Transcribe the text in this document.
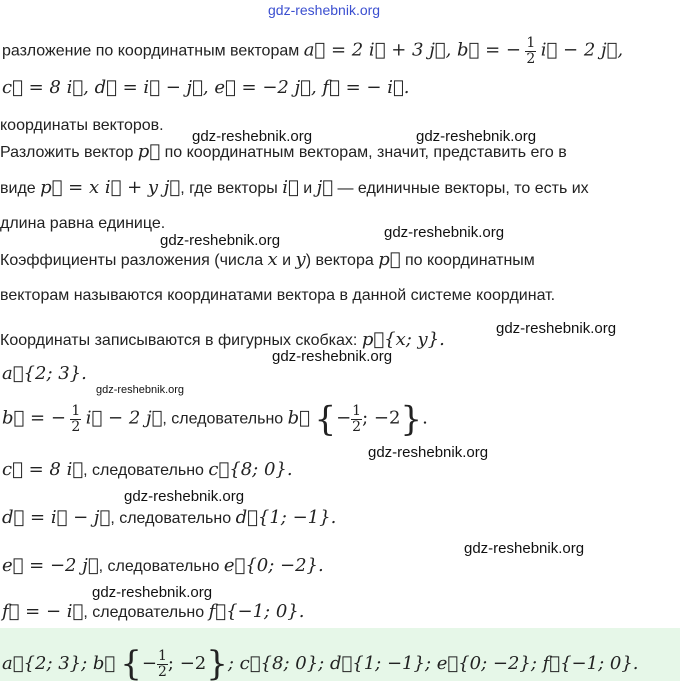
gdz-reshebnik.org
разложение по координатным векторам a⃗ = 2 i⃗ + 3 j⃗, b⃗ = − $\frac{1}{2}$ i⃗ − 2 j⃗,
c⃗ = 8 i⃗, d⃗ = i⃗ − j⃗, e⃗ = −2 j⃗, f⃗ = − i⃗.
координаты векторов.
gdz-reshebnik.org	gdz-reshebnik.org
Разложить вектор p⃗ по координатным векторам, значит, представить его в
виде p⃗ = x i⃗ + y j⃗, где векторы i⃗ и j⃗ — единичные векторы, то есть их
длина равна единице.
gdz-reshebnik.org	gdz-reshebnik.org
Коэффициенты разложения (числа x и y) вектора p⃗ по координатным
векторам называются координатами вектора в данной системе координат.
Координаты записываются в фигурных скобках: p⃗{x; y}.
gdz-reshebnik.org
gdz-reshebnik.org
a⃗{2; 3}.
gdz-reshebnik.org
b⃗ = − $\frac{1}{2}$ i⃗ − 2 j⃗, следовательно b⃗ {− $\frac{1}{2}$ ; −2}.
gdz-reshebnik.org
c⃗ = 8 i⃗, следовательно c⃗{8; 0}.
gdz-reshebnik.org
d⃗ = i⃗ − j⃗, следовательно d⃗{1; −1}.
gdz-reshebnik.org
e⃗ = −2 j⃗, следовательно e⃗{0; −2}.
gdz-reshebnik.org
f⃗ = − i⃗, следовательно f⃗{−1; 0}.
a⃗{2; 3}; b⃗ {− $\frac{1}{2}$ ; −2}; c⃗{8; 0}; d⃗{1; −1}; e⃗{0; −2}; f⃗{−1; 0}.
